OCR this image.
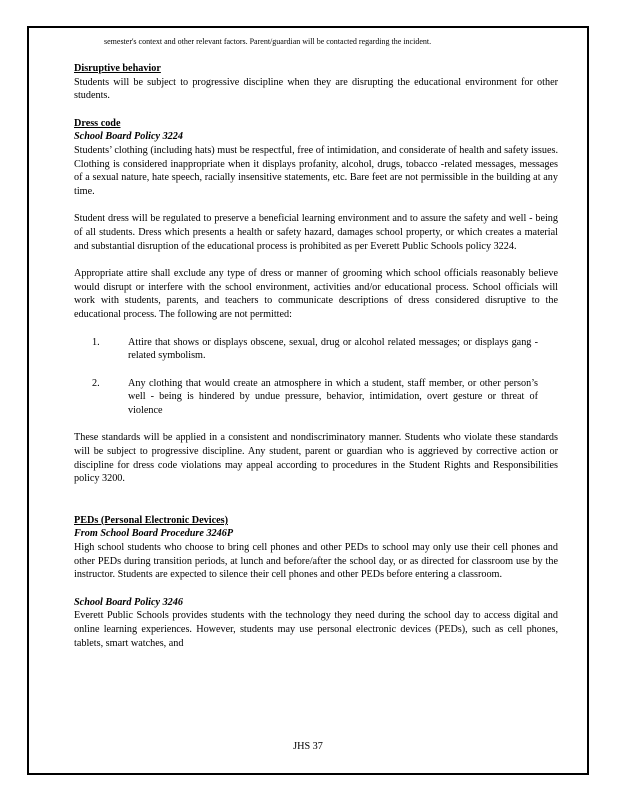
semester's context and other relevant factors. Parent/guardian will be contacted regarding the incident.

Disruptive behavior

Students will be subject to progressive discipline when they are disrupting the educational environment for other students.

Dress code

School Board Policy 3224

Students’ clothing (including hats) must be respectful, free of intimidation, and considerate of health and safety issues. Clothing is considered inappropriate when it displays profanity, alcohol, drugs, tobacco -related messages, messages of a sexual nature, hate speech, racially insensitive statements, etc. Bare feet are not permissible in the building at any time.

Student dress will be regulated to preserve a beneficial learning environment and to assure the safety and well - being of all students. Dress which presents a health or safety hazard, damages school property, or which creates a material and substantial disruption of the educational process is prohibited as per Everett Public Schools policy 3224.

Appropriate attire shall exclude any type of dress or manner of grooming which school officials reasonably believe would disrupt or interfere with the school environment, activities and/or educational process. School officials will work with students, parents, and teachers to communicate descriptions of dress considered disruptive to the educational process. The following are not permitted:

1.	Attire that shows or displays obscene, sexual, drug or alcohol related messages; or displays gang -related symbolism.

2.	Any clothing that would create an atmosphere in which a student, staff member, or other person’s well - being is hindered by undue pressure, behavior, intimidation, overt gesture or threat of violence

These standards will be applied in a consistent and nondiscriminatory manner. Students who violate these standards will be subject to progressive discipline. Any student, parent or guardian who is aggrieved by corrective action or discipline for dress code violations may appeal according to procedures in the Student Rights and Responsibilities policy 3200.

PEDs (Personal Electronic Devices)

From School Board Procedure 3246P

High school students who choose to bring cell phones and other PEDs to school may only use their cell phones and other PEDs during transition periods, at lunch and before/after the school day, or as directed for classroom use by the instructor. Students are expected to silence their cell phones and other PEDs before entering a classroom.

School Board Policy 3246

Everett Public Schools provides students with the technology they need during the school day to access digital and online learning experiences. However, students may use personal electronic devices (PEDs), such as cell phones, tablets, smart watches, and

JHS 37
